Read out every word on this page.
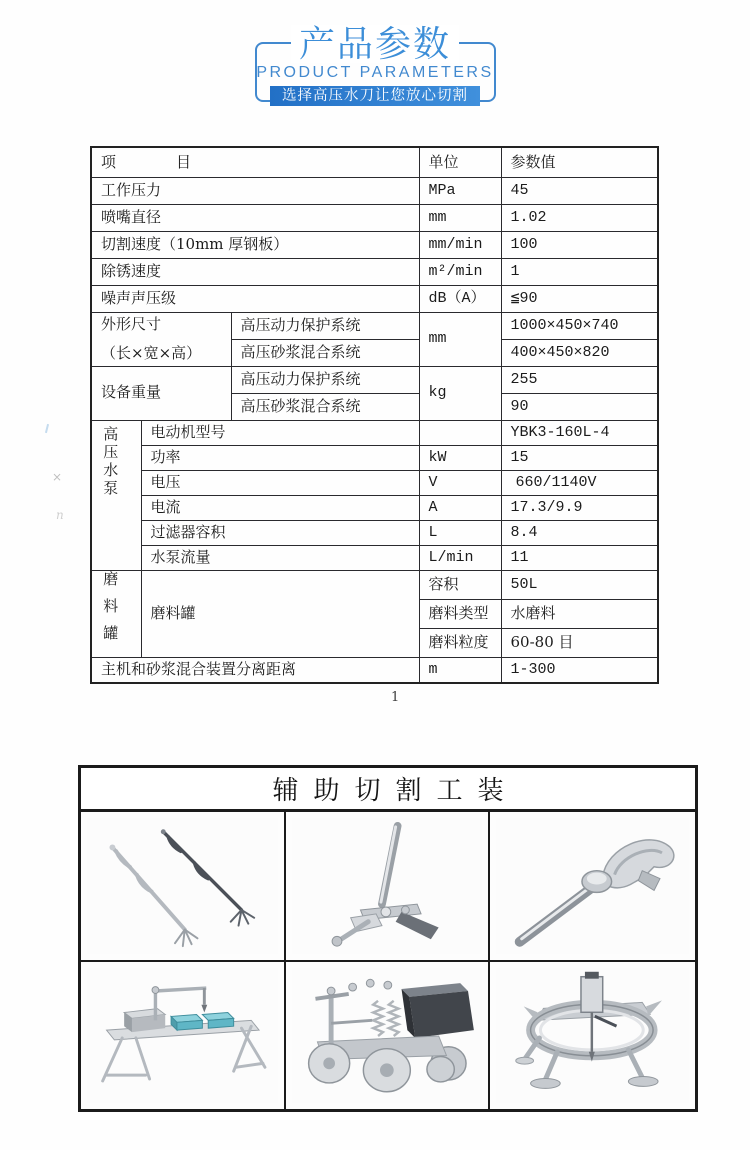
产品参数
PRODUCT PARAMETERS
选择高压水刀让您放心切割
项　　　　目			单位	参数值
工作压力			MPa	45
喷嘴直径			mm	1.02
切割速度（10mm 厚钢板）			mm/min	100
除锈速度			m²/min	1
噪声声压级			dB（A）	≦90

外形尺寸
（长×宽×高）		高压动力保护系统	mm	1000×450×740
		高压砂浆混合系统		400×450×820
设备重量		高压动力保护系统	kg	255
		高压砂浆混合系统		90
高压水泵	电动机型号			YBK3-160L-4
	功率		kW	15
	电压		V	660/1140V
	电流		A	17.3/9.9
	过滤器容积		L	8.4
	水泵流量		L/min	11
磨料罐	磨料罐		容积	50L
			磨料类型	水磨料
			磨料粒度	60-80 目
主机和砂浆混合装置分离距离			m	1-300
1
×
n
辅助切割工装
